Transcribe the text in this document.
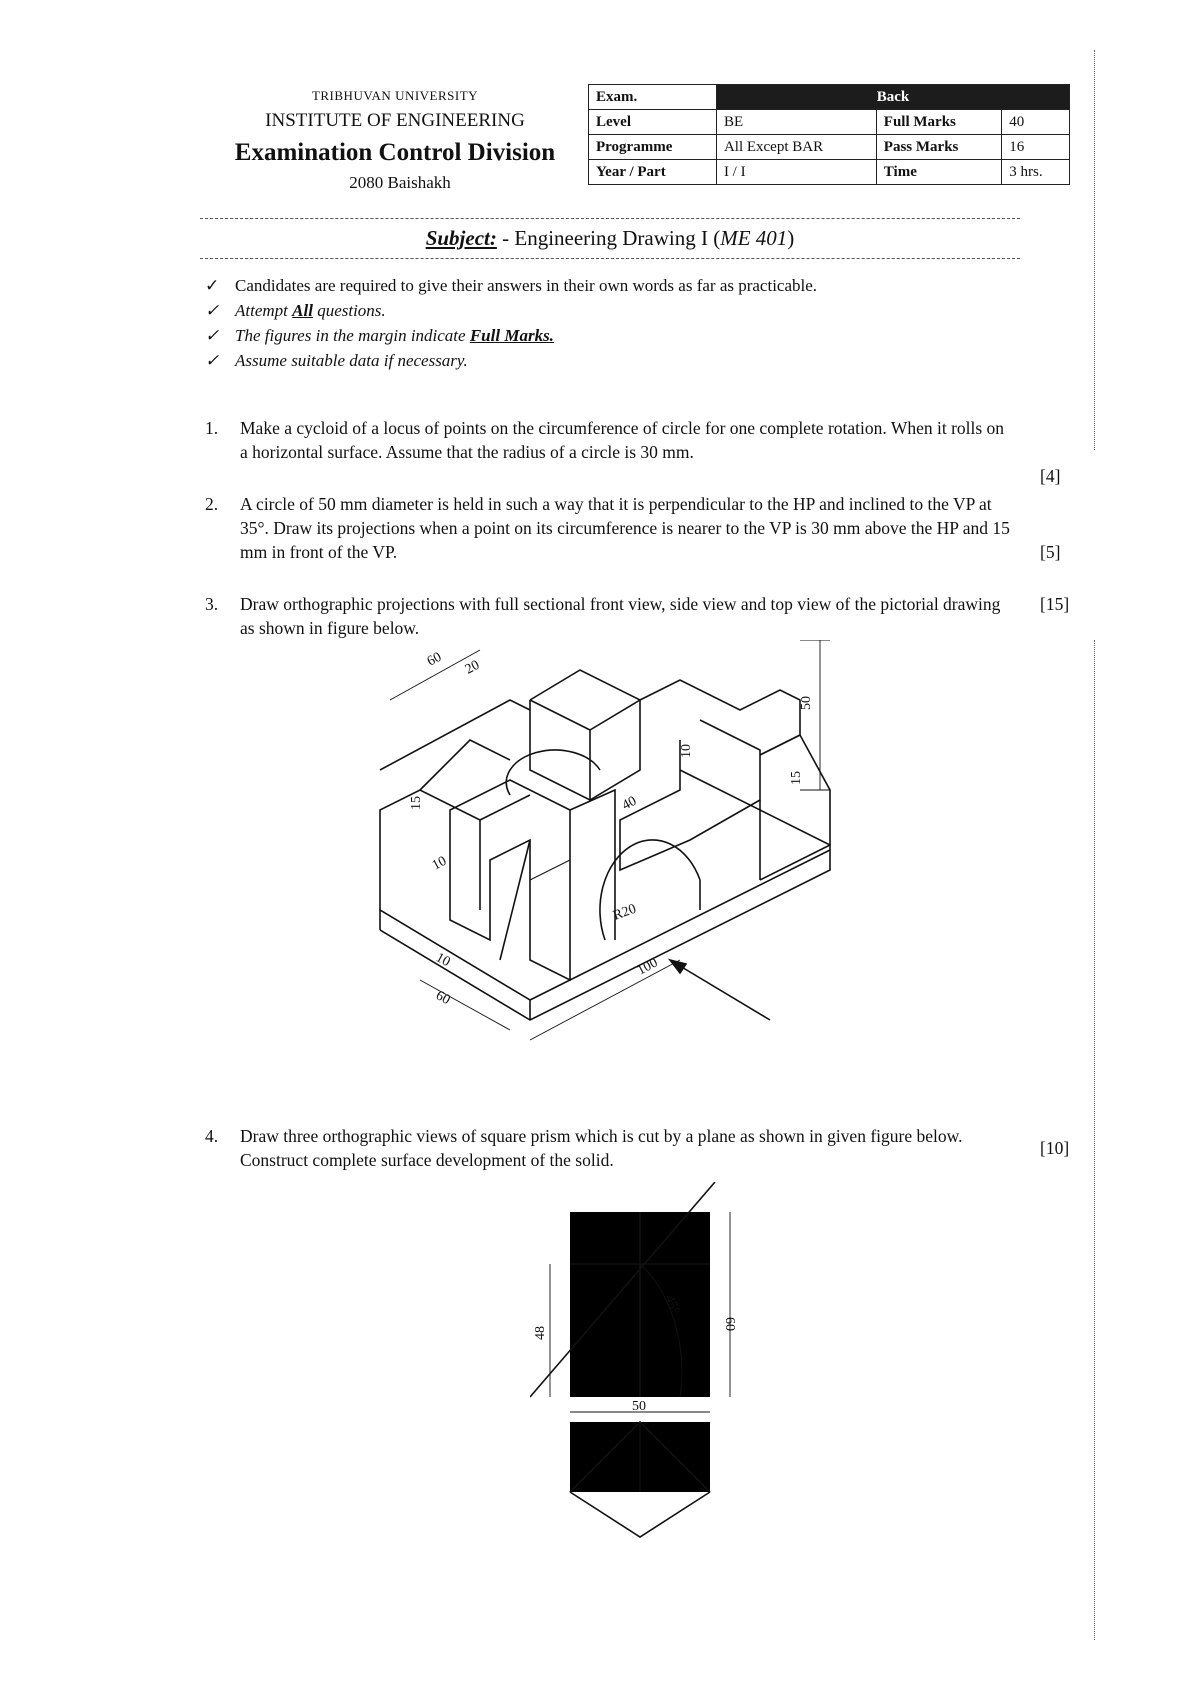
TRIBHUVAN UNIVERSITY
INSTITUTE OF ENGINEERING
Examination Control Division
2080 Baishakh
Exam.	Back		
Level	BE	Full Marks	40
Programme	All Except BAR	Pass Marks	16
Year / Part	I / I	Time	3 hrs.
Subject: - Engineering Drawing I (ME 401)
✓ Candidates are required to give their answers in their own words as far as practicable.
✓ Attempt All questions.
✓ The figures in the margin indicate Full Marks.
✓ Assume suitable data if necessary.
1. Make a cycloid of a locus of points on the circumference of circle for one complete rotation. When it rolls on a horizontal surface. Assume that the radius of a circle is 30 mm.
[4]
2. A circle of 50 mm diameter is held in such a way that it is perpendicular to the HP and inclined to the VP at 35°. Draw its projections when a point on its circumference is nearer to the VP is 30 mm above the HP and 15 mm in front of the VP.	[5]
3. Draw orthographic projections with full sectional front view, side view and top view of the pictorial drawing as shown in figure below.
[15]
60 20
50
10
15
40
15
10
R20
100
60
10
4. Draw three orthographic views of square prism which is cut by a plane as shown in given figure below. Construct complete surface development of the solid.
[10]
48
60
45°
50
